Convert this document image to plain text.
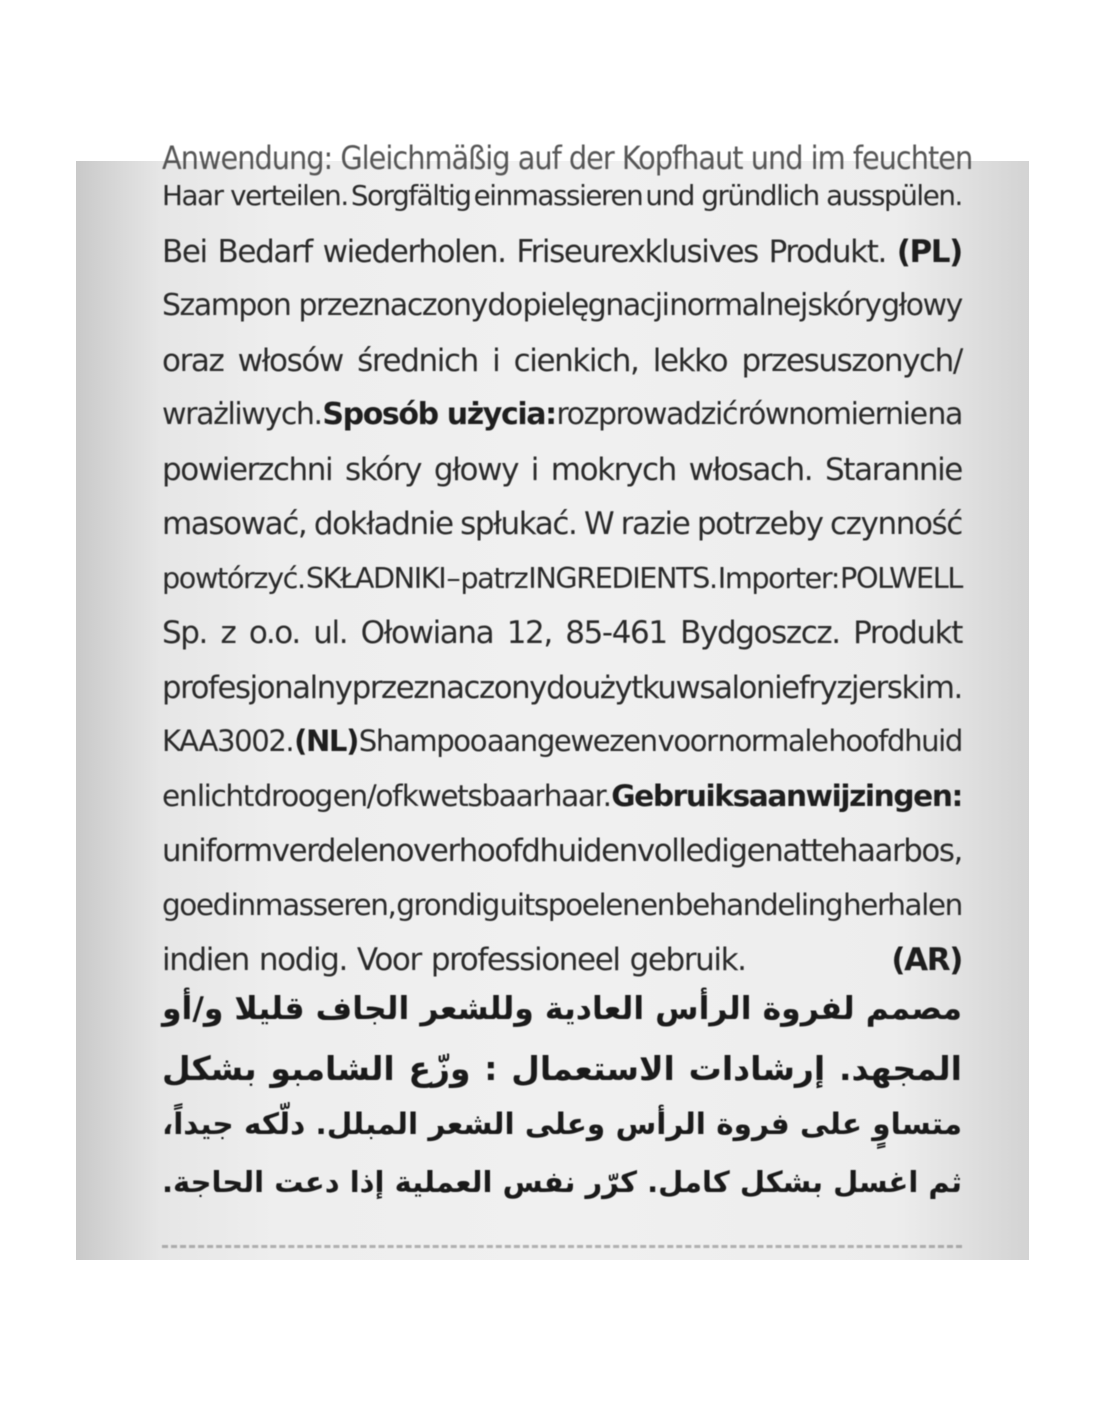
Anwendung: Gleichmäßig auf der Kopfhaut und im feuchten
Haar verteilen. Sorgfältig einmassieren und gründlich ausspülen.
Bei Bedarf wiederholen. Friseurexklusives Produkt. (PL)
Szampon przeznaczony do pielęgnacji normalnej skóry głowy
oraz włosów średnich i cienkich, lekko przesuszonych/
wrażliwych. Sposób użycia: rozprowadzić równomiernie na
powierzchni skóry głowy i mokrych włosach. Starannie
masować, dokładnie spłukać. W razie potrzeby czynność
powtórzyć. SKŁADNIKI – patrz INGREDIENTS. Importer: POLWELL
Sp. z o.o. ul. Ołowiana 12, 85-461 Bydgoszcz. Produkt
profesjonalny przeznaczony do użytku w salonie fryzjerskim.
KAA3002. (NL) Shampoo aangewezen voor normale hoofdhuid
en licht droog en/of kwetsbaar haar. Gebruiksaanwijzingen:
uniform verdelen over hoofdhuid en volledige natte haarbos,
goed inmasseren, grondig uitspoelen en behandeling herhalen
indien nodig. Voor professioneel gebruik.	(AR)
مصمم لفروة الرأس العادية وللشعر الجاف قليلا و/أو
المجهد. إرشادات الاستعمال : وزّع الشامبو بشكل
متساوٍ على فروة الرأس وعلى الشعر المبلل. دلّكه جيداً،
ثم اغسل بشكل كامل. كرّر نفس العملية إذا دعت الحاجة.
